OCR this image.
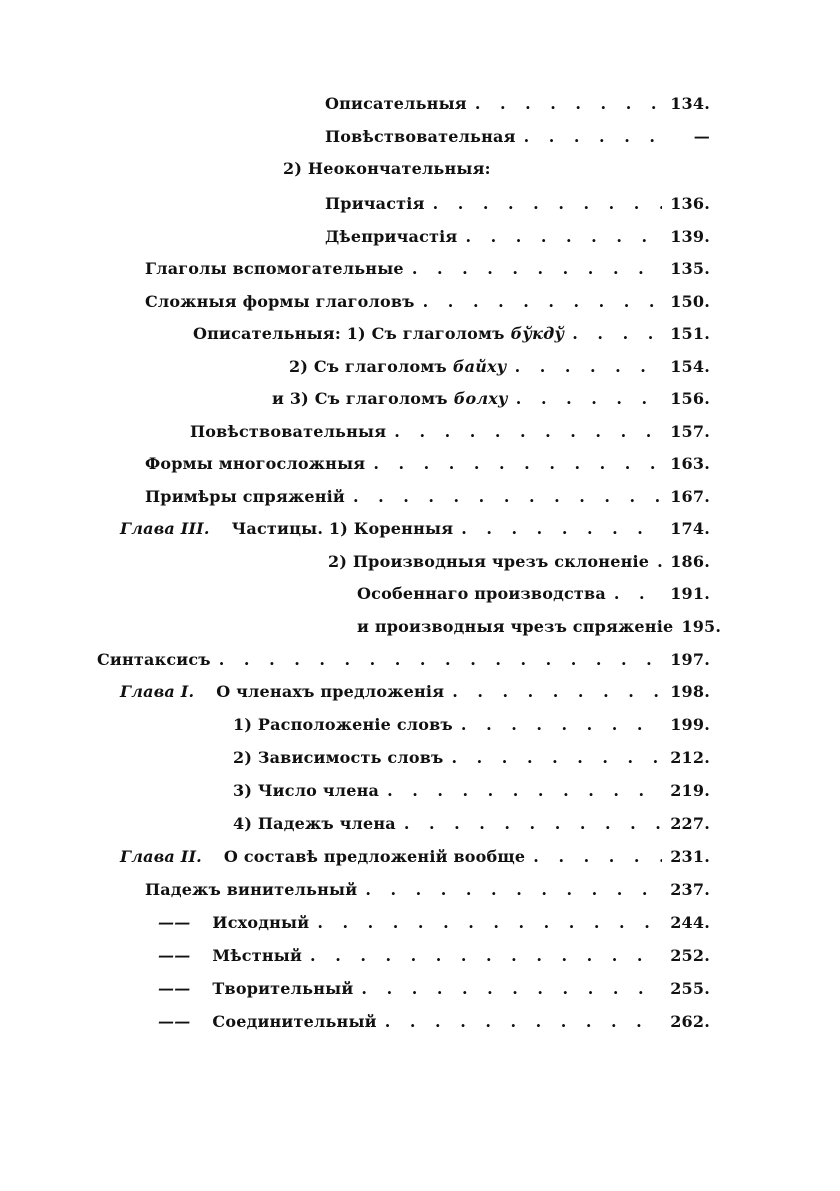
Описательныя . . .	134.
Повѣствовательная . . .	—
2) Неокончательныя:
Причастія . . .	136.
Дѣепричастія . . .	139.
Глаголы вспомогательные . . .	135.
Сложныя формы глаголовъ . . .	150.
Описательныя: 1) Съ глаголомъ бўкдў . . .	151.
2) Съ глаголомъ байху . . .	154.
и 3) Съ глаголомъ болху . . .	156.
Повѣствовательныя . . .	157.
Формы многосложныя . . .	163.
Примѣры спряженій . . .	167.
Глава III. Частицы. 1) Коренныя . . .	174.
2) Производныя чрезъ склоненіе . . . 186.
Особеннаго производства . . .	191.
и производныя чрезъ спряженіе 195.
Синтаксисъ . . .	197.
Глава I. О членахъ предложенія . . .	198.
1) Расположеніе словъ . . .	199.
2) Зависимость словъ . . .	212.
3) Число члена . . .	219.
4) Падежъ члена . . .	227.
Глава II. О составѣ предложеній вообще . . .	231.
Падежъ винительный . . .	237.
—— Исходный . . .	244.
—— Мѣстный . . .	252.
—— Творительный . . .	255.
—— Соединительный . . .	262.
